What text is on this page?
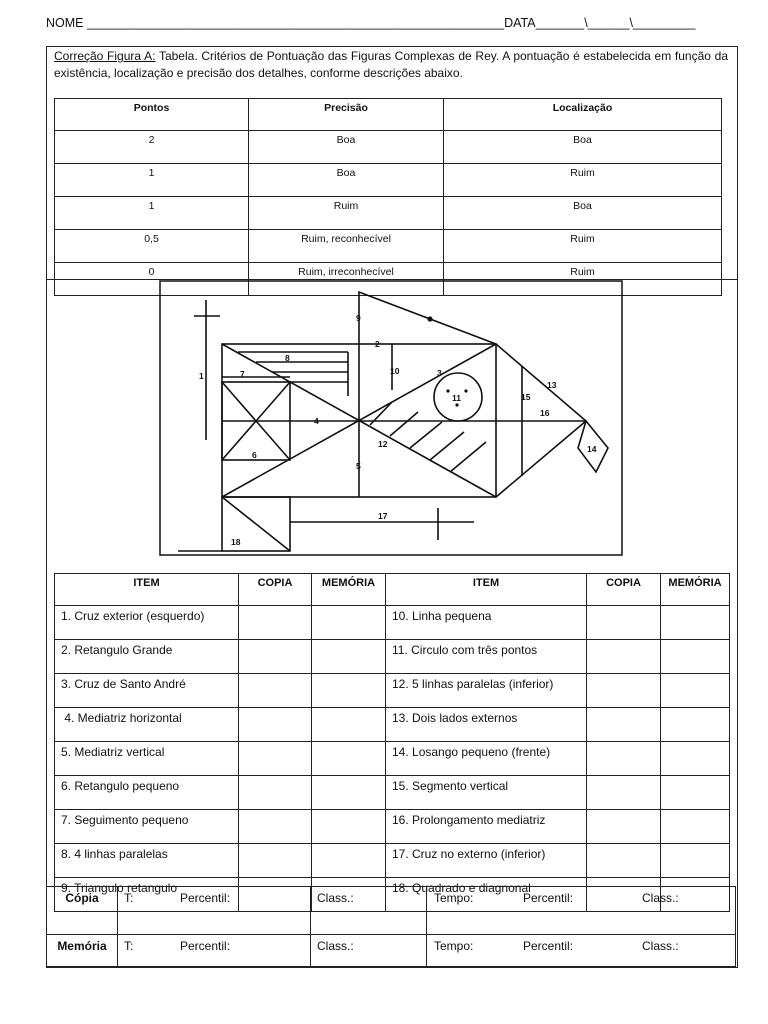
NOME ____________________________________________________________DATA_______\______\_________
Correção Figura A: Tabela. Critérios de Pontuação das Figuras Complexas de Rey. A pontuação é estabelecida em função da existência, localização e precisão dos detalhes, conforme descrições abaixo.
Pontos	Precisão	Localização
2	Boa	Boa
1	Boa	Ruim
1	Ruim	Boa
0,5	Ruim, reconhecível	Ruim
0	Ruim, irreconhecível	Ruim
1
2
3
4
5
6
7
8
9
10
11
12
13
14
15
16
17
18
ITEM	COPIA	MEMÓRIA	ITEM	COPIA	MEMÓRIA
1. Cruz exterior (esquerdo)			10. Linha pequena		
2. Retangulo Grande			11. Circulo com três pontos		
3. Cruz de Santo André			12. 5 linhas paralelas (inferior)		
4. Mediatriz horizontal			13. Dois lados externos		
5. Mediatriz vertical			14. Losango pequeno (frente)		
6. Retangulo pequeno			15. Segmento vertical		
7. Seguimento pequeno			16. Prolongamento mediatriz		
8. 4 linhas paralelas			17. Cruz no externo (inferior)		
9. Triangulo retangulo			18. Quadrado e diagnonal		
Cópia	T: Percentil:	Class.:	Tempo: Percentil: Class.:

Memória	T: Percentil:	Class.:	Tempo: Percentil: Class.:
